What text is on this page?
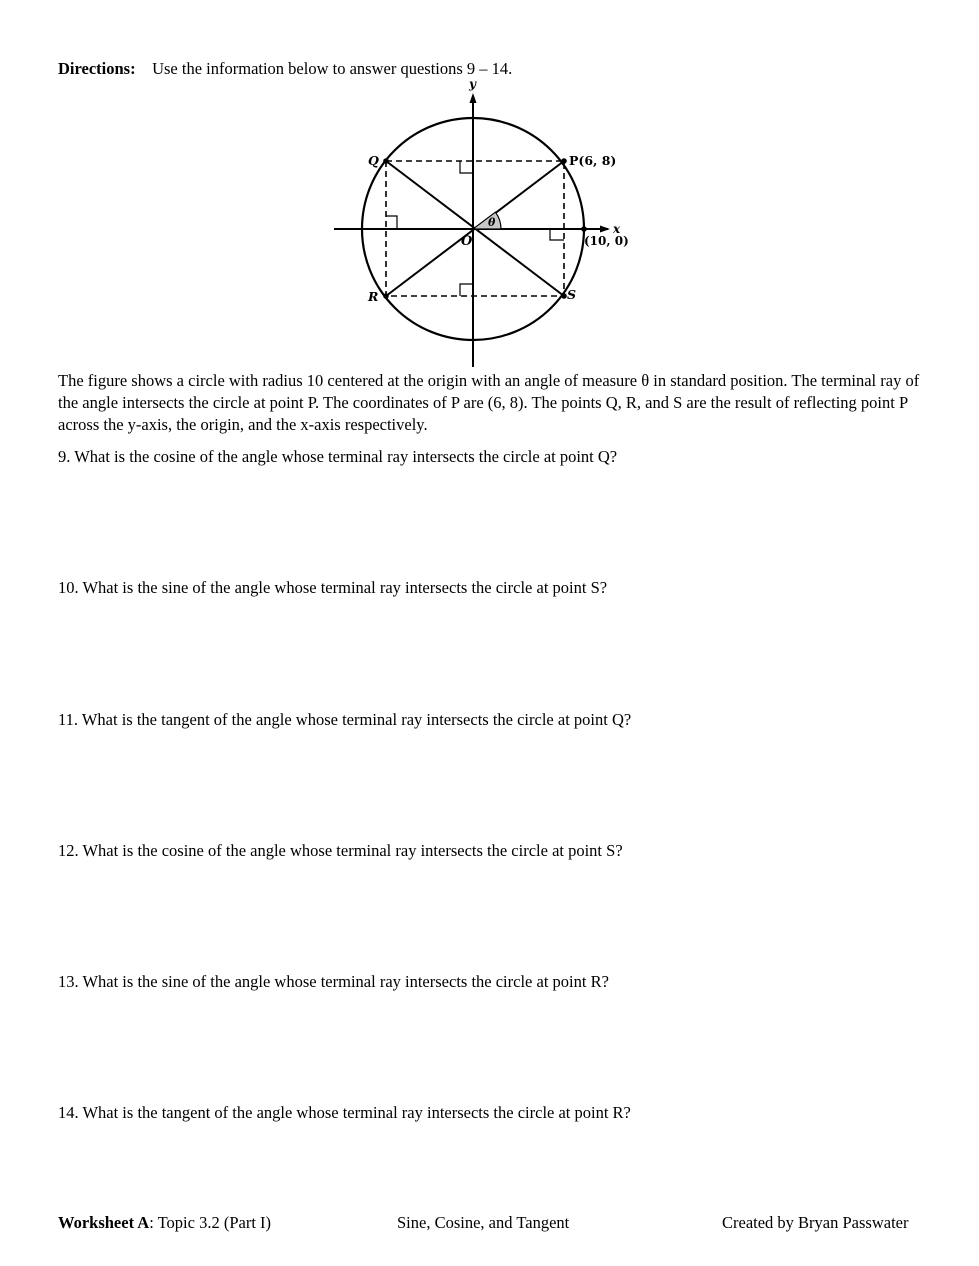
Directions: Use the information below to answer questions 9 – 14.
y
x
O
θ
P(6, 8)
Q
R	S
(10, 0)
The figure shows a circle with radius 10 centered at the origin with an angle of measure θ in standard position. The terminal ray of the angle intersects the circle at point P. The coordinates of P are (6, 8). The points Q, R, and S are the result of reflecting point P across the y-axis, the origin, and the x-axis respectively.
9. What is the cosine of the angle whose terminal ray intersects the circle at point Q?
10. What is the sine of the angle whose terminal ray intersects the circle at point S?
11. What is the tangent of the angle whose terminal ray intersects the circle at point Q?
12. What is the cosine of the angle whose terminal ray intersects the circle at point S?
13. What is the sine of the angle whose terminal ray intersects the circle at point R?
14. What is the tangent of the angle whose terminal ray intersects the circle at point R?
Worksheet A: Topic 3.2 (Part I)	Sine, Cosine, and Tangent	Created by Bryan Passwater
